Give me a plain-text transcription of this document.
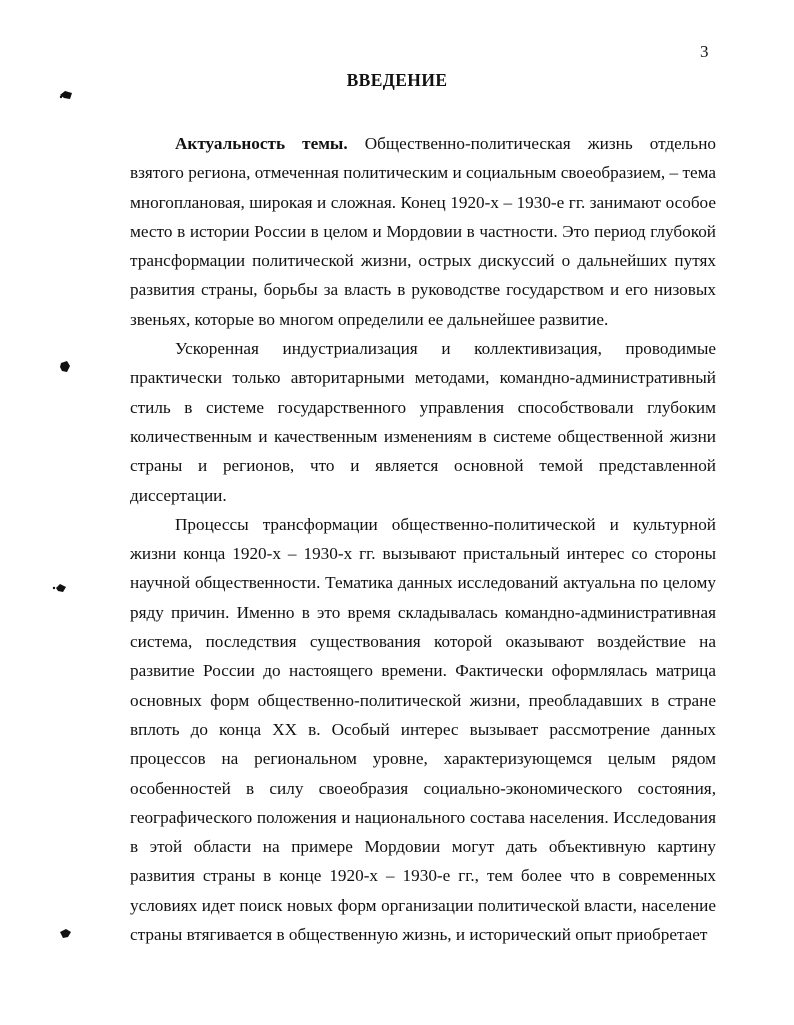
3
ВВЕДЕНИЕ

Актуальность темы. Общественно-политическая жизнь отдельно взятого региона, отмеченная политическим и социальным своеобразием, – тема многоплановая, широкая и сложная. Конец 1920-х – 1930-е гг. занимают особое место в истории России в целом и Мордовии в частности. Это период глубокой трансформации политической жизни, острых дискуссий о дальнейших путях развития страны, борьбы за власть в руководстве государством и его низовых звеньях, которые во многом определили ее дальнейшее развитие.

Ускоренная индустриализация и коллективизация, проводимые практически только авторитарными методами, командно-административный стиль в системе государственного управления способствовали глубоким количественным и качественным изменениям в системе общественной жизни страны и регионов, что и является основной темой представленной диссертации.

Процессы трансформации общественно-политической и культурной жизни конца 1920-х – 1930-х гг. вызывают пристальный интерес со стороны научной общественности. Тематика данных исследований актуальна по целому ряду причин. Именно в это время складывалась командно-административная система, последствия существования которой оказывают воздействие на развитие России до настоящего времени. Фактически оформлялась матрица основных форм общественно-политической жизни, преобладавших в стране вплоть до конца XX в. Особый интерес вызывает рассмотрение данных процессов на региональном уровне, характеризующемся целым рядом особенностей в силу своеобразия социально-экономического состояния, географического положения и национального состава населения. Исследования в этой области на примере Мордовии могут дать объективную картину развития страны в конце 1920-х – 1930-е гг., тем более что в современных условиях идет поиск новых форм организации политической власти, население страны втягивается в общественную жизнь, и исторический опыт приобретает
